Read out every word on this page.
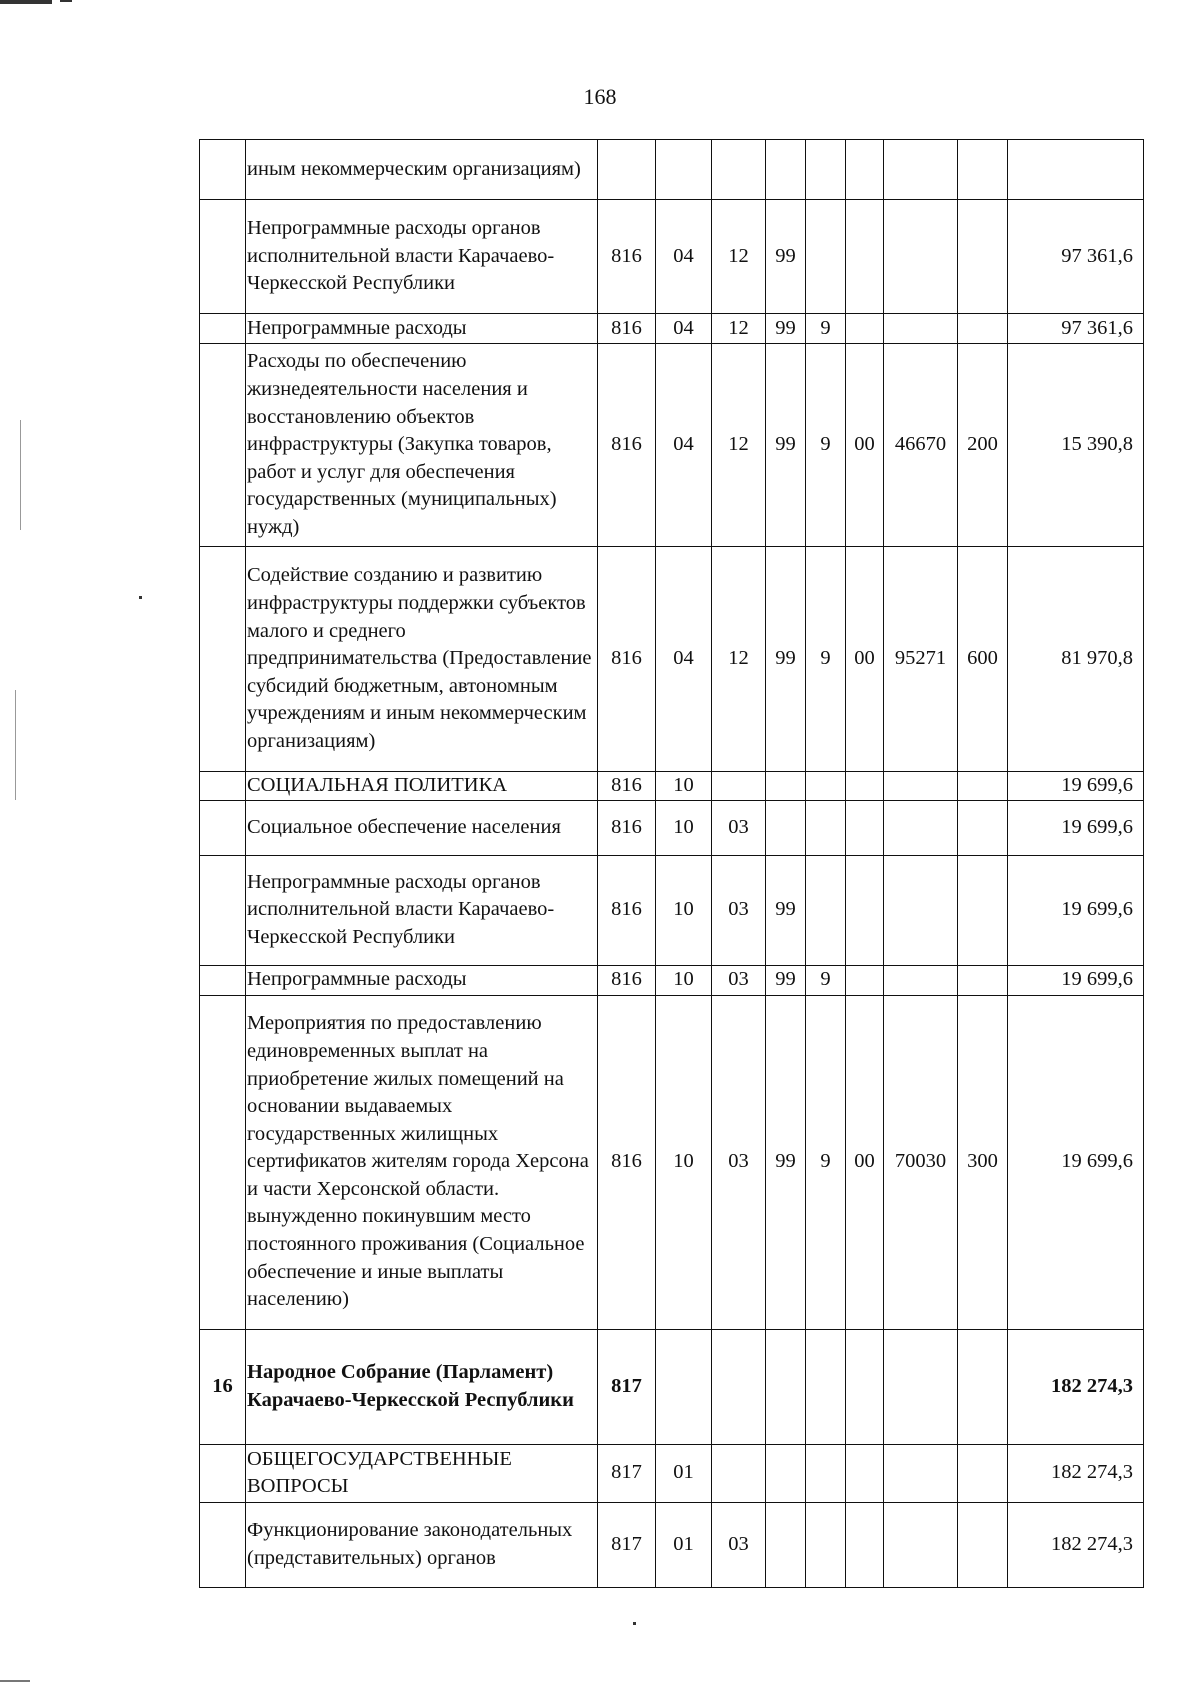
168
	иным некоммерческим организациям)									
	Непрограммные расходы органов исполнительной власти Карачаево-Черкесской Республики	816	04	12	99					97 361,6
	Непрограммные расходы	816	04	12	99	9				97 361,6
	Расходы по обеспечению жизнедеятельности населения и восстановлению объектов инфраструктуры (Закупка товаров, работ и услуг для обеспечения государственных (муниципальных) нужд)	816	04	12	99	9	00	46670	200	15 390,8
	Содействие созданию и развитию инфраструктуры поддержки субъектов малого и среднего предпринимательства (Предоставление субсидий бюджетным, автономным учреждениям и иным некоммерческим организациям)	816	04	12	99	9	00	95271	600	81 970,8
	СОЦИАЛЬНАЯ ПОЛИТИКА	816	10							19 699,6
	Социальное обеспечение населения	816	10	03						19 699,6
	Непрограммные расходы органов исполнительной власти Карачаево-Черкесской Республики	816	10	03	99					19 699,6
	Непрограммные расходы	816	10	03	99	9				19 699,6
	Мероприятия по предоставлению единовременных выплат на приобретение жилых помещений на основании выдаваемых государственных жилищных сертификатов жителям города Херсона и части Херсонской области. вынужденно покинувшим место постоянного проживания (Социальное обеспечение и иные выплаты населению)	816	10	03	99	9	00	70030	300	19 699,6
16	Народное Собрание (Парламент) Карачаево-Черкесской Республики	817								182 274,3
	ОБЩЕГОСУДАРСТВЕННЫЕ ВОПРОСЫ	817	01							182 274,3
	Функционирование законодательных (представительных) органов	817	01	03						182 274,3
